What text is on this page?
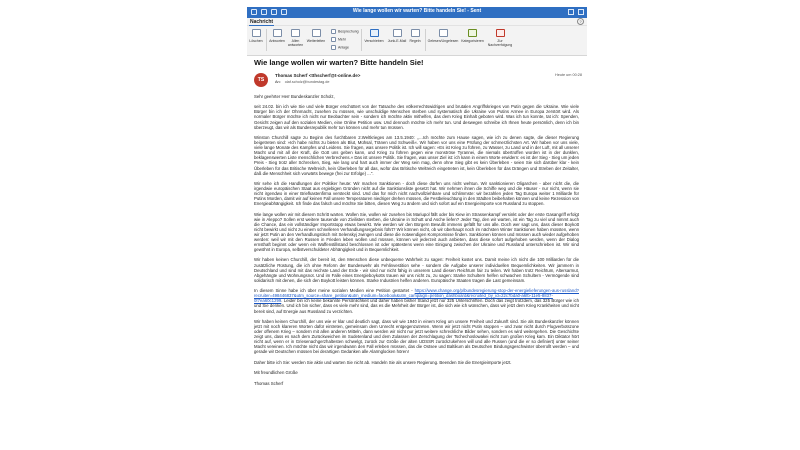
Wie lange wollen wir warten? Bitte handeln Sie! - Sent
Nachricht	?
Löschen	Antworten	Allen antworten
Weiterleiten
Besprechung
Mehr
Anlage
Verschieben	Junk-E-Mail Regeln	Gelesen/Ungelesen Kategorisieren	Zur Nachverfolgung
Wie lange wollen wir warten? Bitte handeln Sie!
TS
Thomas Scherf <tthscherf@t-online.de>
An: olaf.scholz@bundestag.de
Heute um 00:28

Sehr geehrter Herr Bundeskanzler Scholz,

seit 24.02. bin ich wie Sie und viele Bürger erschüttert von der Tatsache des völkerrechtswidrigen und brutalen Angriffskrieges von Putin gegen die Ukraine. Wie viele Bürger bin ich der Ohnmacht, zusehen zu müssen, wie unschuldige Menschen sterben und systematisch die Ukraine von Putins Armee in Europa zerstört wird. Als normaler Bürger möchte ich nicht nur Beobachter sein - sondern ich möchte aktiv mithelfen, das dem Krieg Einhalt geboten wird. Was ich tun konnte, tat ich: Spenden, Gesicht zeigen auf den sozialen Medien, eine Online Petition usw. Und dennoch möchte ich mehr tun. Und deswegen schreibe ich Ihnen heute persönlich, denn ich bin überzeugt, das wir als Bundesrepublik mehr tun können und mehr tun müssen.

Winston Churchill sagte zu Beginn des furchtbaren 2.Weltkrieges am 13.5.1940: ,,...Ich möchte zum Hause sagen, wie ich zu denen sagte, die dieser Regierung beigetreten sind: »Ich habe nichts zu bieten als Blut, Mühsal, Tränen und Schweiß«. Wir haben vor uns eine Prüfung der schmerzlichsten Art. Wir haben vor uns viele, viele lange Monate des Kampfes und Leidens. Sie fragen, was unsere Politik ist. Ich will sagen: »Es ist Krieg zu führen, zu Wasser, zu Land und in der Luft, mit all unserer Macht und mit all der Kraft, die Gott uns geben kann, und Krieg zu führen gegen eine monströse Tyrannei, die niemals übertroffen worden ist in der dunklen, beklagenswerten Liste menschlichen Verbrechens.« Das ist unsere Politik. Sie fragen, was unser Ziel ist: ich kann in einem Worte erwidern: es ist der Sieg - Sieg um jeden Preis - Sieg trotz aller Schrecken, Sieg, wie lang und hart auch immer der Weg sein mag, denn ohne Sieg gibt es kein Überleben - seien Sie sich darüber klar - kein Überleben für das Britische Weltreich, kein Überleben für all das, wofür das Britische Weltreich eingetreten ist, kein Überleben für das Drängen und Streben der Zeitalter, daß die Menschheit sich vorwärts bewege (frei zur Erfolge) ...''.

Wir sehe ich die Handlungen der Politiker heute: Wir machen Sanktionen - doch diese dürfen uns nicht wehtun. Wir sanktionieren Oligarchen - aber nicht die, die irgendwie europäischen Staat aus ergiebigen Gründen nicht auf die Sanktionsliste gesetzt hat. Wir nehmen ihnen die Schiffe weg und die Häuser - nur nicht, wenn sie nicht irgendwo in einer Briefkastenfirma versteckt sind. Und das für mich nicht nachvollziehbare und schlimmste: wir bezahlen jeden Tag Europa weiter 1 Milliarde für Putins Morden, damit wir auf keinen Fall unsere Temperaturen niedriger drehen müssen, die Festbeleuchtung in den Städten beibehalten können und keine Rezession von Energieabhängigkeit. Ich finde das falsch und möchte Sie bitten, diesen Weg zu ändern und sich sofort auf ein Energieimporte von Russland zu stoppen.

Wie lange wollen wir mit diesem Schritt warten. Wollen Sie, wollen wir zusehen bis Mariupol fällt oder bis Kiew im Strassenkampf versinkt oder der erste Gasangriff erfolgt wie in Aleppo? Sollen erst weitere tausende von Zivilisten sterben, die Ukraine in Schutt und Asche liefen? Jeder Tag, den wir warten, ist ein Tag zu viel und nimmt auch die Chance, das ein vollständiger Importstopp etwas bewirkt. Wie werden wir den Bürgern Bewußt immens gefällt für uns alle. Doch wer sagt uns, dass dieser Boykott nicht bewirkt und nicht zu einem schnelleren Verhandlungsergebnis führt? Wir können nicht, ob wir überhaupt noch im nächsten Winter Sanktionen haben müssten, wenn wir jetzt Putin an den Verhandlungstisch mit Selenskyj zwingen und diese die notwendigen Kompromisse finden. Sanktionen können und müssen auch wieder aufgehoben werden: weil wir mit den Russen in Frieden leben wollen und müssen, können wir jederzeit auch anbieten, dass diese sofort aufgehoben werden, wenn der Dialog ernsthaft beginnt oder wenn ein Waffenstillstand beschlossen ist oder spätestens wenn eine Einigung zwischen der Ukraine und Russland unterschrieben ist. Wir sind gewöhnt in Europa, selbstverschuldeter Abhängigkeit und in Bequemlichkeit.

Wir haben keinen Churchill, der bereit ist, den Menschen diese unbequeme Wahrheit zu sagen: Freiheit kostet uns. Damit meine ich nicht die 100 Milliarden für die zusätzliche Rüstung, die ich ohne Reform der Bundeswehr als Fehlinvestition sehe - sondern die Aufgabe unserer individuellen Bequemlichkeiten. Wir jammern in Deutschland und sind mit das reichste Land der Erde - wir sind nur nicht fähig in unserem Land diesen Reichtum fair zu teilen. Wir haben trotz Reichtum, Altersarmut, Abgehängte und Wohnungsnot. Und im Falle eines Energieboykotts trauen wir uns nicht zu, zu sagen: Starke Schultern helfen schwachen Schultern - Vermögende sind solidarisch mit denen, die sich den Boykott leisten können. Starke Industrien helfen anderen. Europäische Staaten tragen die Last gemeinsam.

In diesem Sinne habe ich über meine sozialen Medien eine Petition gestartet - https://www.change.org/p/bundesregierung-stop-der-energielieferungen-aus-russland?recruiter=498446837&utm_source=share_petition&utm_medium=facebook&utm_campaign=petition_dashboard&recruited_by_id=22c7bda0-a6fb-11e5-8837-0f7ea60c1299. Leider bin ich keine bekannte Persönlichkeit und daher haben bisher Stand jetzt nur 325 Unterschriften. Doch das zeigt trotzdem, das 325 Bürger wie ich und Sie denken. Und ich bin sicher, dass es viele mehr sind, das es die Mehrheit der Bürger ist, die sich wie ich wünschen, dass wir jetzt dem Krieg Krankheiten und nicht bereit sind, auf Energie aus Russland zu verzichten.

Wir haben keinen Churchill, der uns wie er klar und deutlich sagt, dass wir wie 1940 in einem Krieg um unsere Freiheit und Zukunft sind. Sie als Bundeskanzler können jetzt mit noch klareren Worten dafür eintreten, gemeinsam dem Unrecht entgegenzutreten. Wenn wir jetzt nicht Putin stoppen – und zwar nicht durch Flugverbotszone oder offenem Krieg – sondern mit allen anderen Mitteln, dann werden wir nicht nur jetzt weitere schreckliche Bilder sehen, sondern es wird weitergehen. Die Geschichte zeigt uns, dass es nach dem Zurückweichen im Sudetenland und dem Zulassen der Zerschlagung der Tschechoslowakei nicht zum großen Krieg kam. Ein Diktator hört nicht auf, wenn er in Griesenachgerzhaltesten schwelgt, zurück zur Größe der alten UDSSR zurückzukehren will und alle Russen (und die er so definiert) unter seiner Macht vereinen. Ich möchte nicht das wir irgendwann den Fall erleben müssen, das die Ostsee und Baltikum als Deutschen Bindungsgeschwister überrollt werden – und gerade wir Deutschen müssen bei derartigen Gedanken alle Alarmglocken hören!

Daher bitte ich Sie: werden Sie aktiv und warten Sie nicht ab. Handeln Sie als unsere Regierung. Beenden Sie die Energieimporte jetzt.

Mit freundlichen Grüße

Thomas Scherf
